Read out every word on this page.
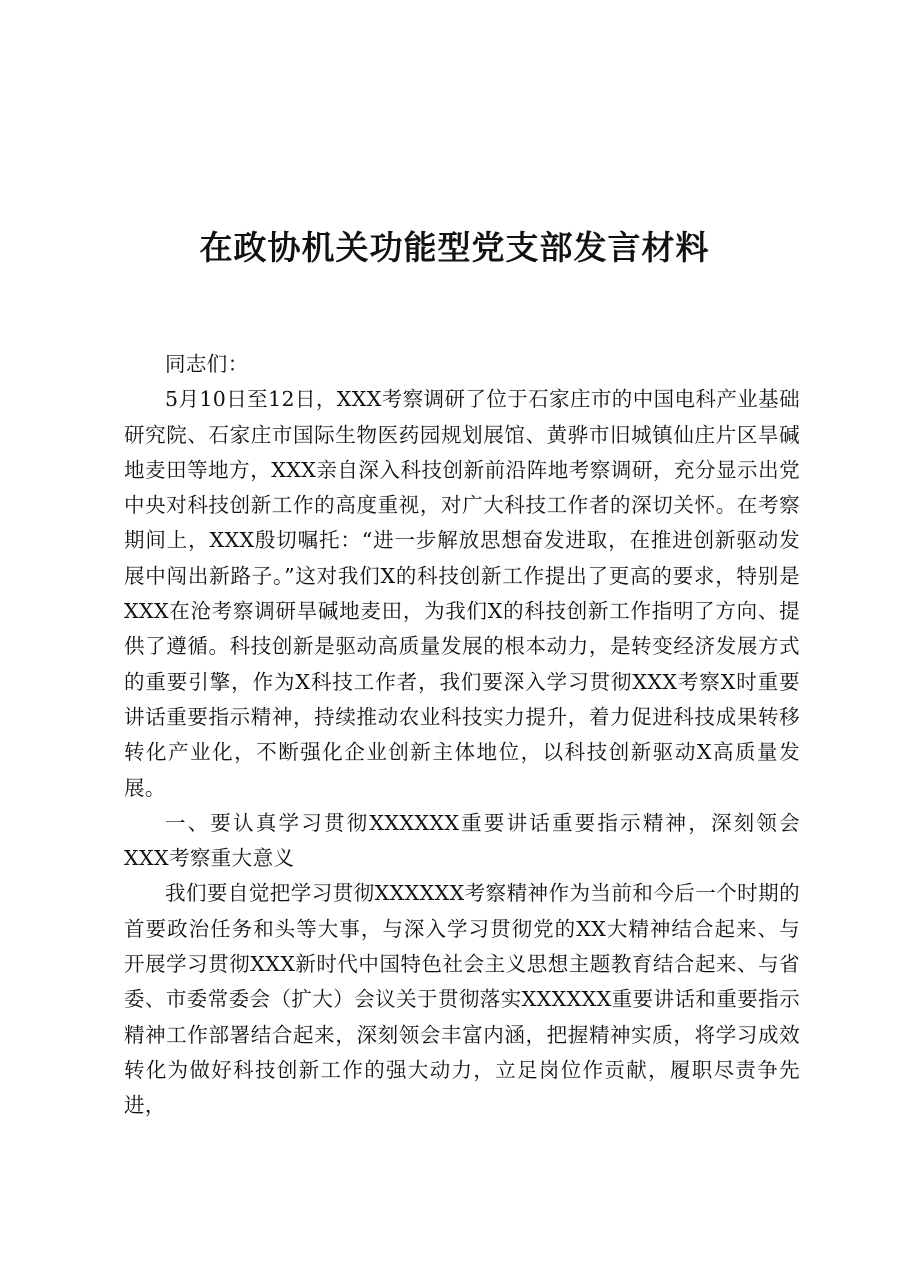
在政协机关功能型党支部发言材料

同志们：

5月10日至12日，XXX考察调研了位于石家庄市的中国电科产业基础研究院、石家庄市国际生物医药园规划展馆、黄骅市旧城镇仙庄片区旱碱地麦田等地方，XXX亲自深入科技创新前沿阵地考察调研，充分显示出党中央对科技创新工作的高度重视，对广大科技工作者的深切关怀。在考察期间上，XXX殷切嘱托：“进一步解放思想奋发进取，在推进创新驱动发展中闯出新路子。”这对我们X的科技创新工作提出了更高的要求，特别是XXX在沧考察调研旱碱地麦田，为我们X的科技创新工作指明了方向、提供了遵循。科技创新是驱动高质量发展的根本动力，是转变经济发展方式的重要引擎，作为X科技工作者，我们要深入学习贯彻XXX考察X时重要讲话重要指示精神，持续推动农业科技实力提升，着力促进科技成果转移转化产业化，不断强化企业创新主体地位，以科技创新驱动X高质量发展。

一、要认真学习贯彻XXXXXX重要讲话重要指示精神，深刻领会XXX考察重大意义

我们要自觉把学习贯彻XXXXXX考察精神作为当前和今后一个时期的首要政治任务和头等大事，与深入学习贯彻党的XX大精神结合起来、与开展学习贯彻XXX新时代中国特色社会主义思想主题教育结合起来、与省委、市委常委会（扩大）会议关于贯彻落实XXXXXX重要讲话和重要指示精神工作部署结合起来，深刻领会丰富内涵，把握精神实质，将学习成效转化为做好科技创新工作的强大动力，立足岗位作贡献，履职尽责争先进，
